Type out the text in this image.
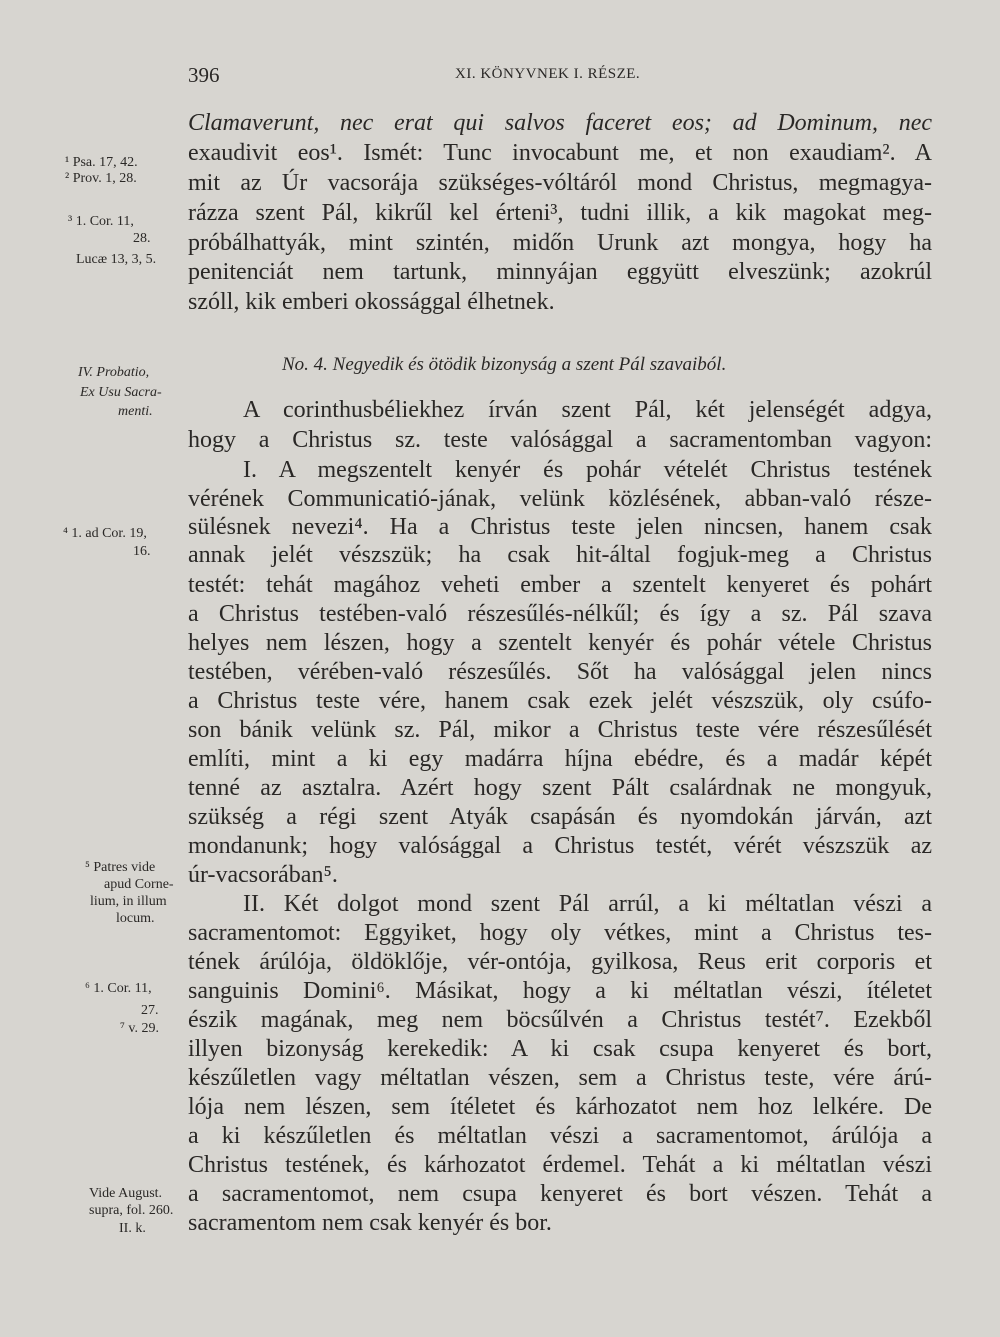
396	XI. KÖNYVNEK I. RÉSZE.

Clamaverunt, nec erat qui salvos faceret eos; ad Dominum, nec

exaudivit eos¹. Ismét: Tunc invocabunt me, et non exaudiam². A

mit az Úr vacsorája szükséges-vóltáról mond Christus, megmagya-

rázza szent Pál, kikrűl kel érteni³, tudni illik, a kik magokat meg-

próbálhattyák, mint szintén, midőn Urunk azt mongya, hogy ha

penitenciát nem tartunk, minnyájan eggyütt elveszünk; azokrúl

szóll, kik emberi okossággal élhetnek.

No. 4. Negyedik és ötödik bizonyság a szent Pál szavaiból.

A corinthusbéliekhez írván szent Pál, két jelenségét adgya,

hogy a Christus sz. teste valósággal a sacramentomban vagyon:

I. A megszentelt kenyér és pohár vételét Christus testének

vérének Communicatió-jának, velünk közlésének, abban-való része-

sülésnek nevezi⁴. Ha a Christus teste jelen nincsen, hanem csak

annak jelét vészszük; ha csak hit-által fogjuk-meg a Christus

testét: tehát magához veheti ember a szentelt kenyeret és pohárt

a Christus testében-való részesűlés-nélkűl; és így a sz. Pál szava

helyes nem lészen, hogy a szentelt kenyér és pohár vétele Christus

testében, vérében-való részesűlés. Sőt ha valósággal jelen nincs

a Christus teste vére, hanem csak ezek jelét vészszük, oly csúfo-

son bánik velünk sz. Pál, mikor a Christus teste vére részesűlését

említi, mint a ki egy madárra híjna ebédre, és a madár képét

tenné az asztalra. Azért hogy szent Pált csalárdnak ne mongyuk,

szükség a régi szent Atyák csapásán és nyomdokán járván, azt

mondanunk; hogy valósággal a Christus testét, vérét vészszük az

úr-vacsorában⁵.

II. Két dolgot mond szent Pál arrúl, a ki méltatlan vészi a

sacramentomot: Eggyiket, hogy oly vétkes, mint a Christus tes-

tének árúlója, öldöklője, vér-ontója, gyilkosa, Reus erit corporis et

sanguinis Domini⁶. Másikat, hogy a ki méltatlan vészi, ítéletet

észik magának, meg nem böcsűlvén a Christus testét⁷. Ezekből

illyen bizonyság kerekedik: A ki csak csupa kenyeret és bort,

készűletlen vagy méltatlan vészen, sem a Christus teste, vére árú-

lója nem lészen, sem ítéletet és kárhozatot nem hoz lelkére. De

a ki készűletlen és méltatlan vészi a sacramentomot, árúlója a

Christus testének, és kárhozatot érdemel. Tehát a ki méltatlan vészi

a sacramentomot, nem csupa kenyeret és bort vészen. Tehát a

sacramentom nem csak kenyér és bor.

¹ Psa. 17, 42.
² Prov. 1, 28.
³ 1. Cor. 11,
28.
Lucæ 13, 3, 5.
IV. Probatio,
Ex Usu Sacra-
menti.
⁴ 1. ad Cor. 19,
16.
⁵ Patres vide
apud Corne-
lium, in illum
locum.
⁶ 1. Cor. 11,
27.
⁷ v. 29.
Vide August.
supra, fol. 260.
II. k.
